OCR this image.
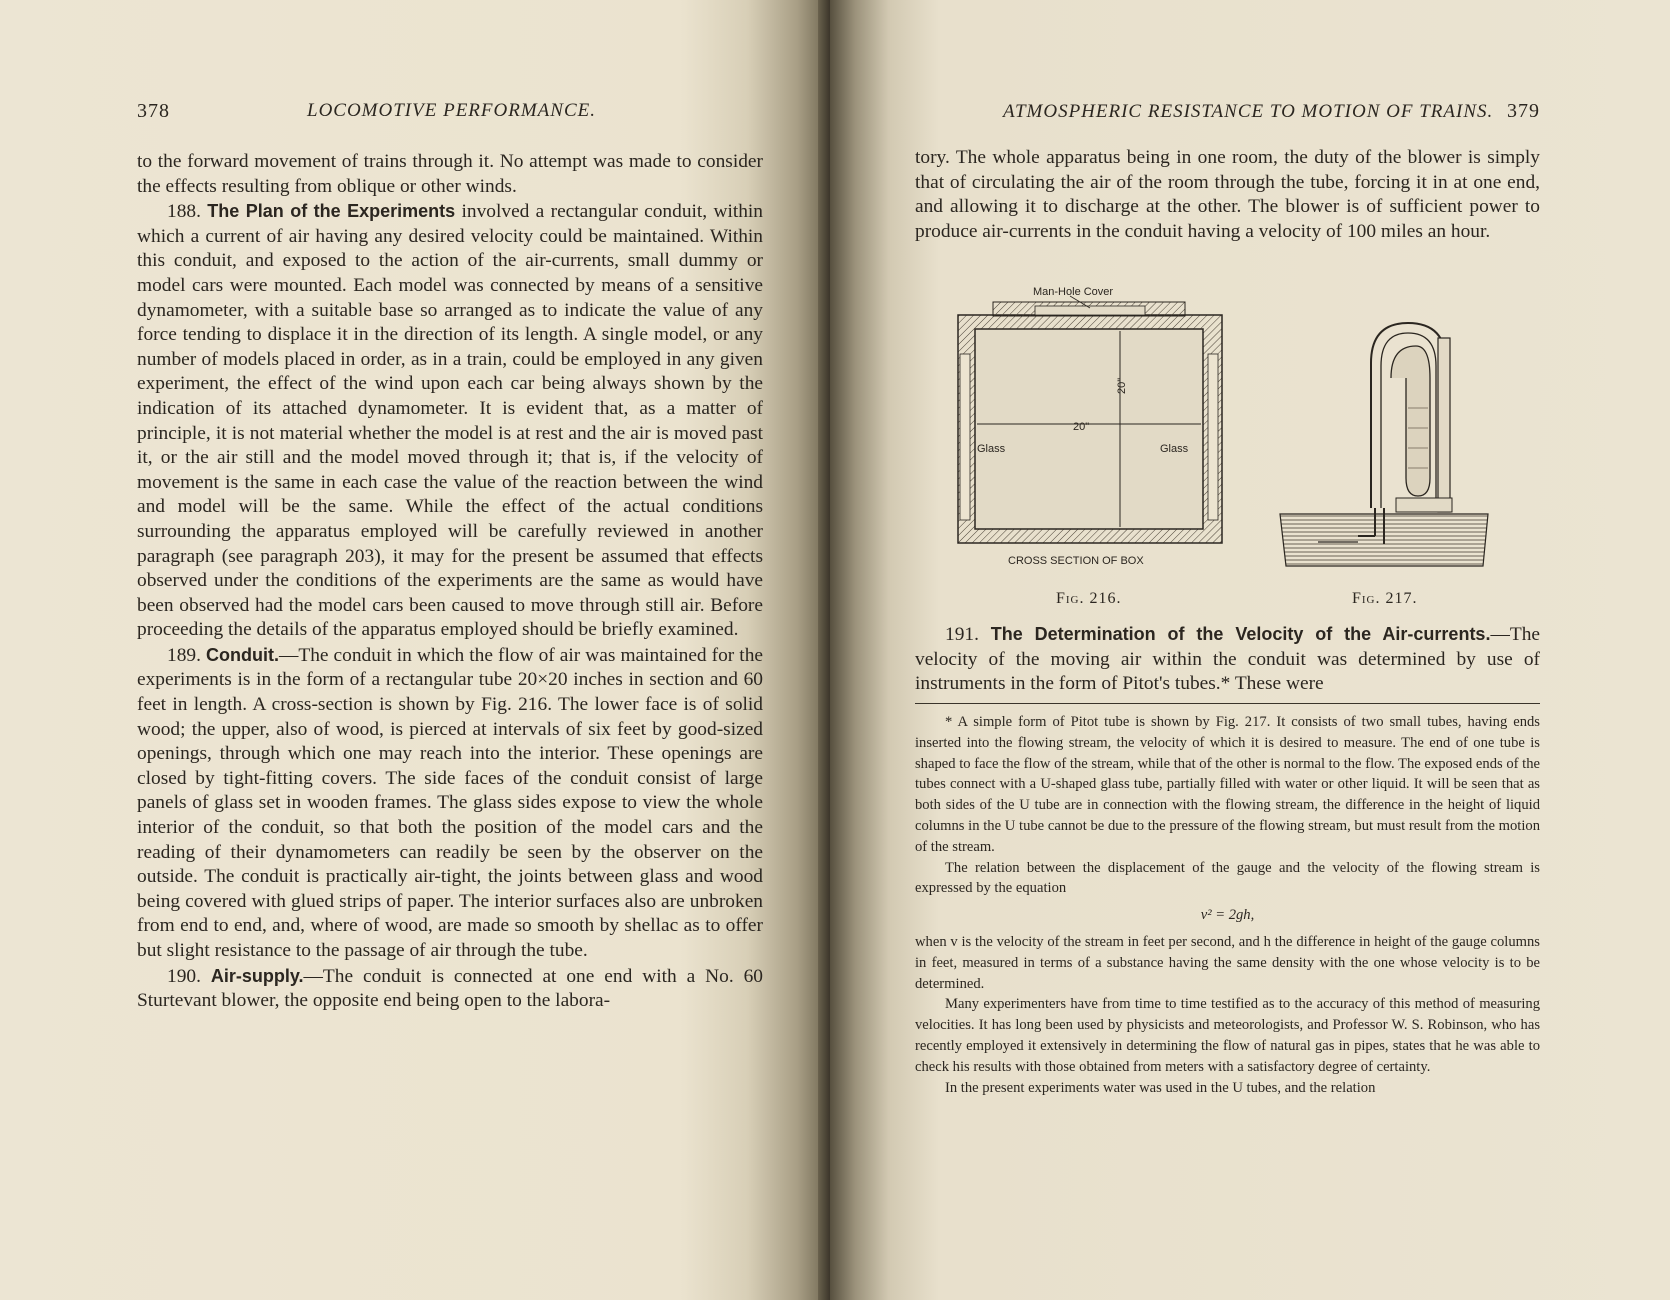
378	LOCOMOTIVE PERFORMANCE.

to the forward movement of trains through it. No attempt was made to consider the effects resulting from oblique or other winds.

188. The Plan of the Experiments involved a rectangular conduit, within which a current of air having any desired velocity could be maintained. Within this conduit, and exposed to the action of the air-currents, small dummy or model cars were mounted. Each model was connected by means of a sensitive dynamometer, with a suitable base so arranged as to indicate the value of any force tending to displace it in the direction of its length. A single model, or any number of models placed in order, as in a train, could be employed in any given experiment, the effect of the wind upon each car being always shown by the indication of its attached dynamometer. It is evident that, as a matter of principle, it is not material whether the model is at rest and the air is moved past it, or the air still and the model moved through it; that is, if the velocity of movement is the same in each case the value of the reaction between the wind and model will be the same. While the effect of the actual conditions surrounding the apparatus employed will be carefully reviewed in another paragraph (see paragraph 203), it may for the present be assumed that effects observed under the conditions of the experiments are the same as would have been observed had the model cars been caused to move through still air. Before proceeding the details of the apparatus employed should be briefly examined.

189. Conduit.—The conduit in which the flow of air was maintained for the experiments is in the form of a rectangular tube 20×20 inches in section and 60 feet in length. A cross-section is shown by Fig. 216. The lower face is of solid wood; the upper, also of wood, is pierced at intervals of six feet by good-sized openings, through which one may reach into the interior. These openings are closed by tight-fitting covers. The side faces of the conduit consist of large panels of glass set in wooden frames. The glass sides expose to view the whole interior of the conduit, so that both the position of the model cars and the reading of their dynamometers can readily be seen by the observer on the outside. The conduit is practically air-tight, the joints between glass and wood being covered with glued strips of paper. The interior surfaces also are unbroken from end to end, and, where of wood, are made so smooth by shellac as to offer but slight resistance to the passage of air through the tube.

190. Air-supply.—The conduit is connected at one end with a No. 60 Sturtevant blower, the opposite end being open to the labora-

ATMOSPHERIC RESISTANCE TO MOTION OF TRAINS. 379

tory. The whole apparatus being in one room, the duty of the blower is simply that of circulating the air of the room through the tube, forcing it in at one end, and allowing it to discharge at the other. The blower is of sufficient power to produce air-currents in the conduit having a velocity of 100 miles an hour.

20"
20"
Man-Hole Cover
Glass	Glass
CROSS SECTION OF BOX
Fig. 216.	Fig. 217.

191. The Determination of the Velocity of the Air-currents.—The velocity of the moving air within the conduit was determined by use of instruments in the form of Pitot's tubes.* These were

* A simple form of Pitot tube is shown by Fig. 217. It consists of two small tubes, having ends inserted into the flowing stream, the velocity of which it is desired to measure. The end of one tube is shaped to face the flow of the stream, while that of the other is normal to the flow. The exposed ends of the tubes connect with a U-shaped glass tube, partially filled with water or other liquid. It will be seen that as both sides of the U tube are in connection with the flowing stream, the difference in the height of liquid columns in the U tube cannot be due to the pressure of the flowing stream, but must result from the motion of the stream.

The relation between the displacement of the gauge and the velocity of the flowing stream is expressed by the equation

v² = 2gh,

when v is the velocity of the stream in feet per second, and h the difference in height of the gauge columns in feet, measured in terms of a substance having the same density with the one whose velocity is to be determined.

Many experimenters have from time to time testified as to the accuracy of this method of measuring velocities. It has long been used by physicists and meteorologists, and Professor W. S. Robinson, who has recently employed it extensively in determining the flow of natural gas in pipes, states that he was able to check his results with those obtained from meters with a satisfactory degree of certainty.

In the present experiments water was used in the U tubes, and the relation
